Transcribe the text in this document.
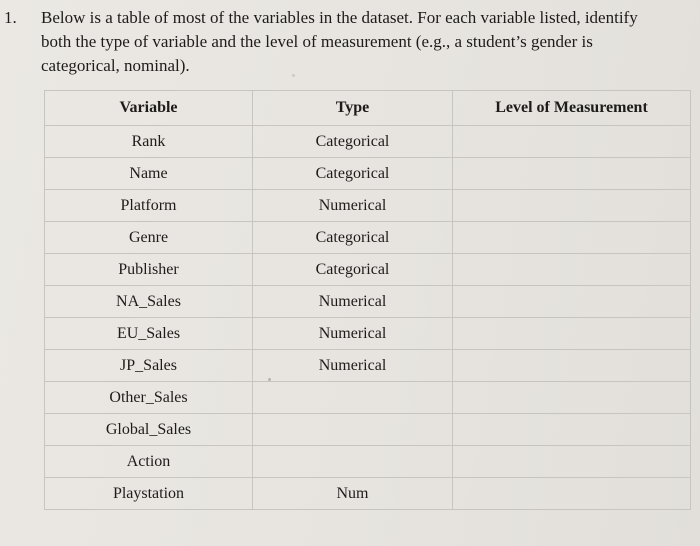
1.	Below is a table of most of the variables in the dataset. For each variable listed, identify
both the type of variable and the level of measurement (e.g., a student’s gender is
categorical, nominal).
Variable	Type	Level of Measurement
Rank	Categorical	
Name	Categorical	
Platform	Numerical	
Genre	Categorical	
Publisher	Categorical	
NA_Sales	Numerical	
EU_Sales	Numerical	
JP_Sales	Numerical	
Other_Sales		
Global_Sales		
Action		
Playstation	Num	
